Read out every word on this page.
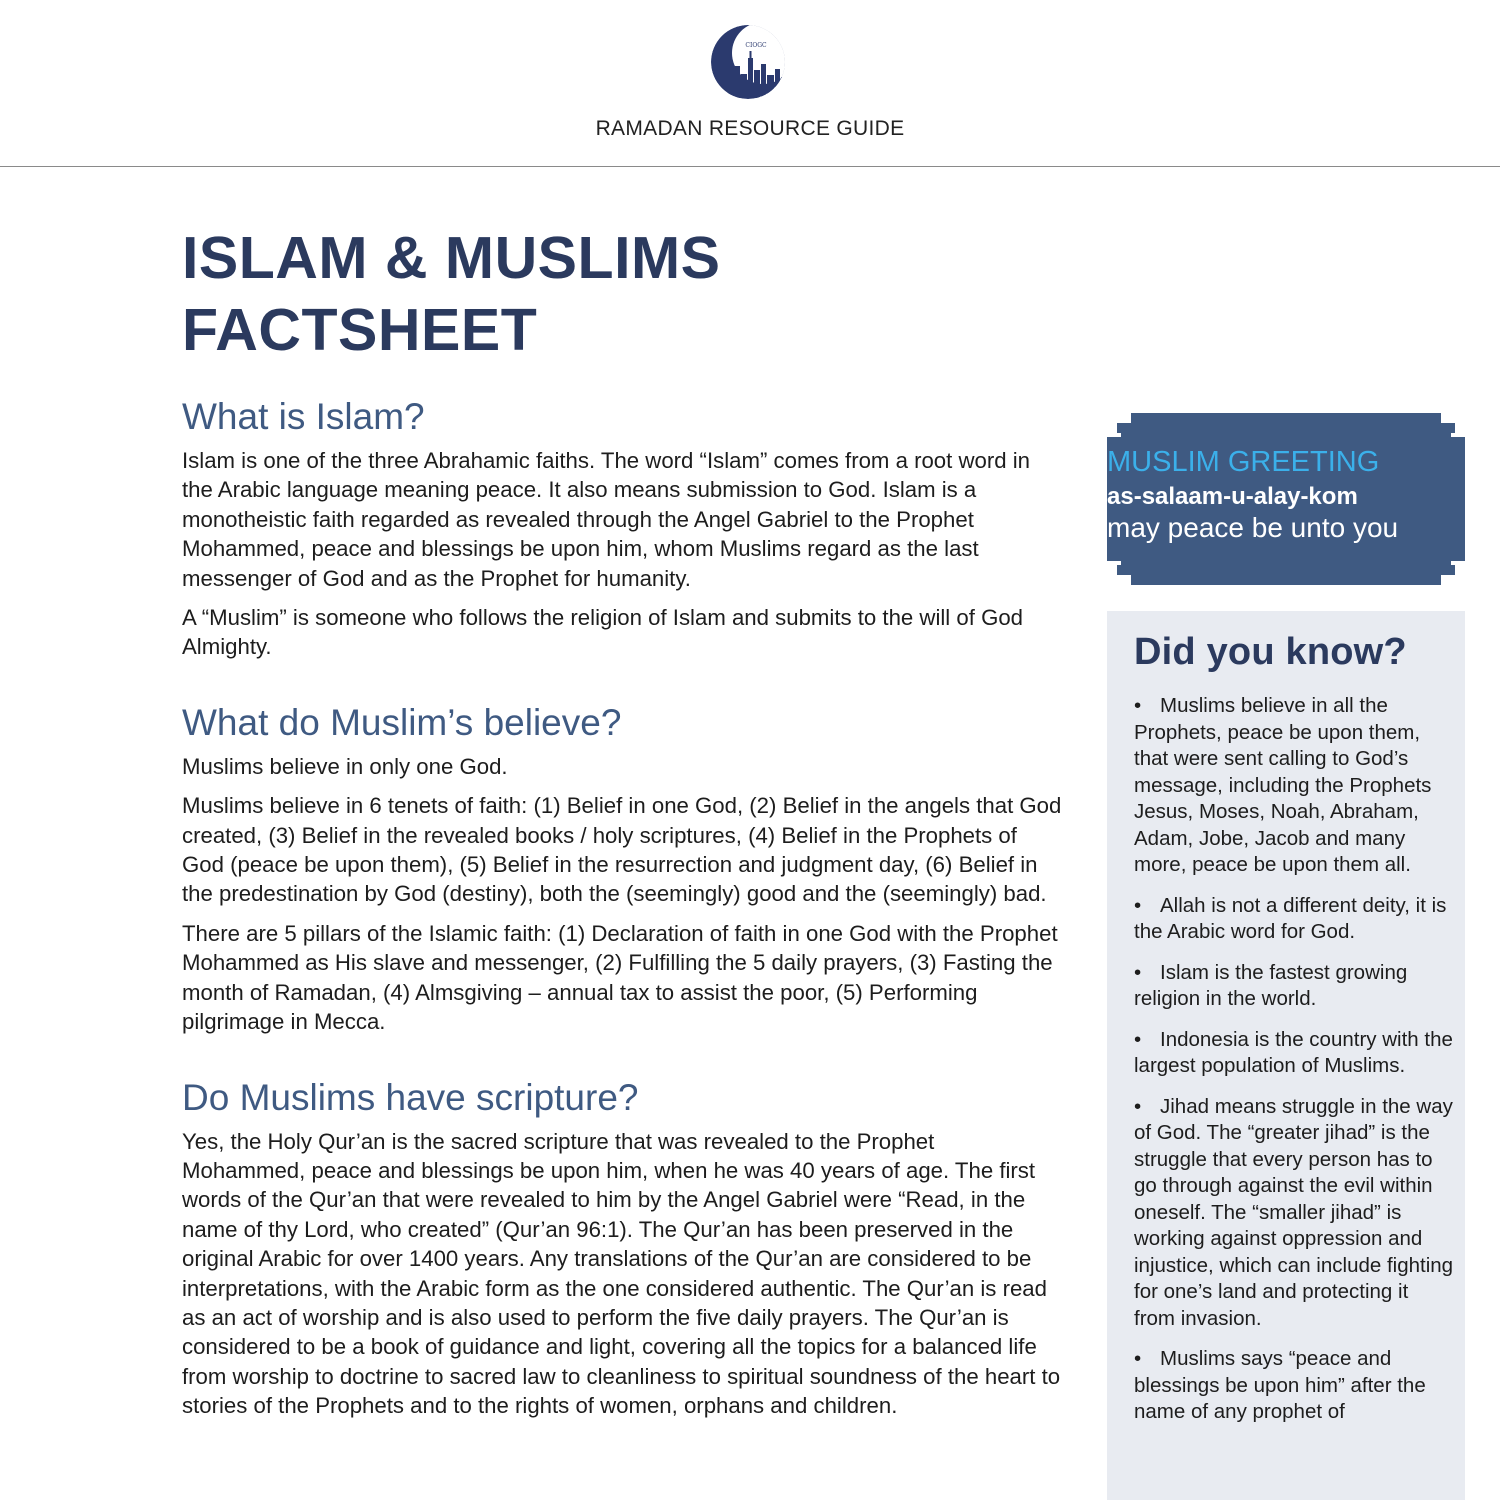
CIOGC
RAMADAN RESOURCE GUIDE
ISLAM & MUSLIMS
FACTSHEET
What is Islam?

Islam is one of the three Abrahamic faiths. The word “Islam” comes from a root word in the Arabic language meaning peace. It also means submission to God. Islam is a monotheistic faith regarded as revealed through the Angel Gabriel to the Prophet Mohammed, peace and blessings be upon him, whom Muslims regard as the last messenger of God and as the Prophet for humanity.

A “Muslim” is someone who follows the religion of Islam and submits to the will of God Almighty.

What do Muslim’s believe?

Muslims believe in only one God.

Muslims believe in 6 tenets of faith: (1) Belief in one God, (2) Belief in the angels that God created, (3) Belief in the revealed books / holy scriptures, (4) Belief in the Prophets of God (peace be upon them), (5) Belief in the resurrection and judgment day, (6) Belief in the predestination by God (destiny), both the (seemingly) good and the (seemingly) bad.

There are 5 pillars of the Islamic faith: (1) Declaration of faith in one God with the Prophet Mohammed as His slave and messenger, (2) Fulfilling the 5 daily prayers, (3) Fasting the month of Ramadan, (4) Almsgiving – annual tax to assist the poor, (5) Performing pilgrimage in Mecca.

Do Muslims have scripture?

Yes, the Holy Qur’an is the sacred scripture that was revealed to the Prophet Mohammed, peace and blessings be upon him, when he was 40 years of age. The first words of the Qur’an that were revealed to him by the Angel Gabriel were “Read, in the name of thy Lord, who created” (Qur’an 96:1). The Qur’an has been preserved in the original Arabic for over 1400 years. Any translations of the Qur’an are considered to be interpretations, with the Arabic form as the one considered authentic. The Qur’an is read as an act of worship and is also used to perform the five daily prayers. The Qur’an is considered to be a book of guidance and light, covering all the topics for a balanced life from worship to doctrine to sacred law to cleanliness to spiritual soundness of the heart to stories of the Prophets and to the rights of women, orphans and children.

MUSLIM GREETING
as-salaam-u-alay-kom
may peace be unto you
Did you know?
• Muslims believe in all the Prophets, peace be upon them, that were sent calling to God’s message, including the Prophets Jesus, Moses, Noah, Abraham, Adam, Jobe, Jacob and many more, peace be upon them all.
• Allah is not a different deity, it is the Arabic word for God.
• Islam is the fastest growing religion in the world.
• Indonesia is the country with the largest population of Muslims.
• Jihad means struggle in the way of God. The “greater jihad” is the struggle that every person has to go through against the evil within oneself. The “smaller jihad” is working against oppression and injustice, which can include fighting for one’s land and protecting it from invasion.
• Muslims says “peace and blessings be upon him” after the name of any prophet of
